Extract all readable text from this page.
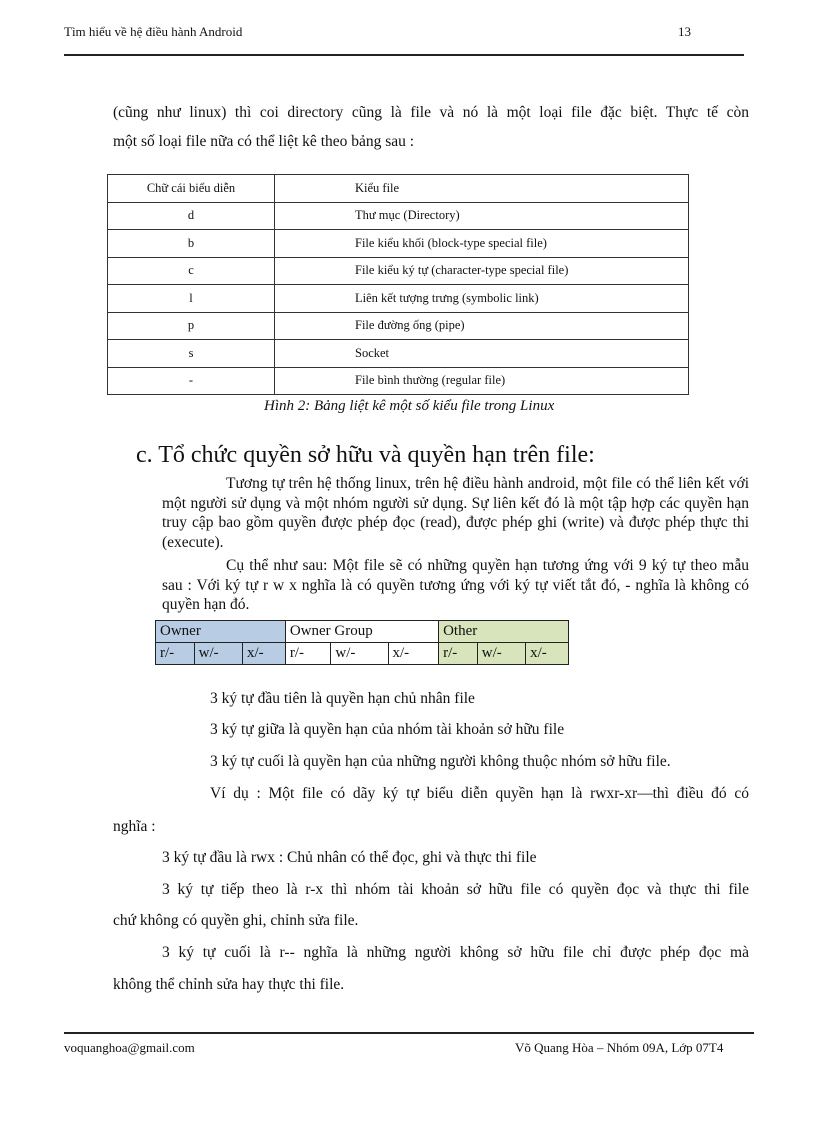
Tìm hiểu về hệ điều hành Android	13

(cũng như linux) thì coi directory cũng là file và nó là một loại file đặc biệt. Thực tế còn

một số loại file nữa có thể liệt kê theo bảng sau :

Chữ cái biểu diễn	Kiểu file
d	Thư mục (Directory)
b	File kiểu khối (block-type special file)
c	File kiểu ký tự (character-type special file)
l	Liên kết tượng trưng (symbolic link)
p	File đường ống (pipe)
s	Socket
-	File bình thường (regular file)
Hình 2: Bảng liệt kê một số kiểu file trong Linux
c. Tổ chức quyền sở hữu và quyền hạn trên file:

Tương tự trên hệ thống linux, trên hệ điều hành android, một file có thể liên kết với một người sử dụng và một nhóm người sử dụng. Sự liên kết đó là một tập hợp các quyền hạn truy cập bao gồm quyền được phép đọc (read), được phép ghi (write) và được phép thực thi (execute).

Cụ thể như sau: Một file sẽ có những quyền hạn tương ứng với 9 ký tự theo mẫu sau : Với ký tự r w x nghĩa là có quyền tương ứng với ký tự viết tắt đó, - nghĩa là không có quyền hạn đó.

Owner			Owner Group			Other		
r/-	w/-	x/-	r/-	w/-	x/-	r/-	w/-	x/-
3 ký tự đầu tiên là quyền hạn chủ nhân file
3 ký tự giữa là quyền hạn của nhóm tài khoản sở hữu file
3 ký tự cuối là quyền hạn của những người không thuộc nhóm sở hữu file.
Ví dụ : Một file có dãy ký tự biểu diễn quyền hạn là rwxr-xr—thì điều đó có
nghĩa :
3 ký tự đầu là rwx : Chủ nhân có thể đọc, ghi và thực thi file
3 ký tự tiếp theo là r-x thì nhóm tài khoản sở hữu file có quyền đọc và thực thi file
chứ không có quyền ghi, chỉnh sửa file.
3 ký tự cuối là r-- nghĩa là những người không sở hữu file chỉ được phép đọc mà
không thể chỉnh sửa hay thực thi file.
voquanghoa@gmail.com	Võ Quang Hòa – Nhóm 09A, Lớp 07T4
